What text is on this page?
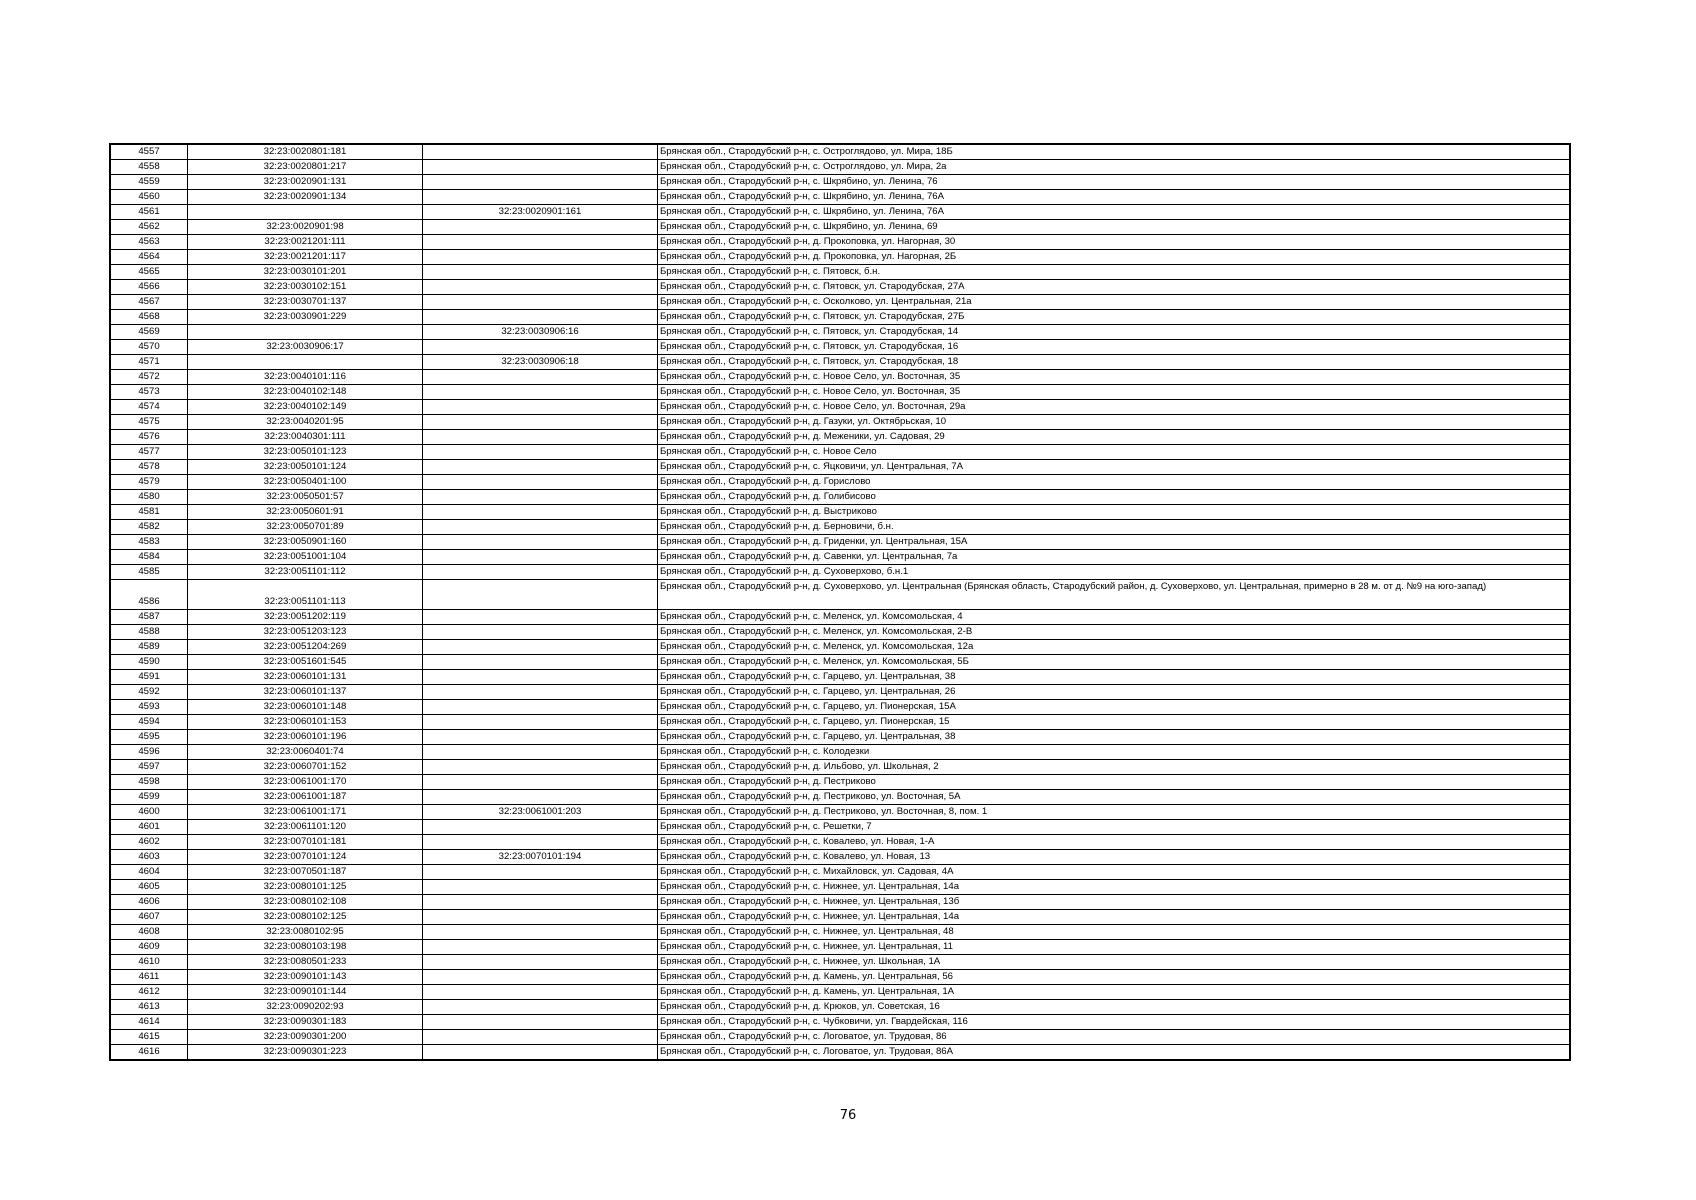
4557	32:23:0020801:181		Брянская обл., Стародубский р-н, с. Остроглядово, ул. Мира, 18Б
4558	32:23:0020801:217		Брянская обл., Стародубский р-н, с. Остроглядово, ул. Мира, 2а
4559	32:23:0020901:131		Брянская обл., Стародубский р-н, с. Шкрябино, ул. Ленина, 76
4560	32:23:0020901:134		Брянская обл., Стародубский р-н, с. Шкрябино, ул. Ленина, 76А
4561		32:23:0020901:161	Брянская обл., Стародубский р-н, с. Шкрябино, ул. Ленина, 76А
4562	32:23:0020901:98		Брянская обл., Стародубский р-н, с. Шкрябино, ул. Ленина, 69
4563	32:23:0021201:111		Брянская обл., Стародубский р-н, д. Прокоповка, ул. Нагорная, 30
4564	32:23:0021201:117		Брянская обл., Стародубский р-н, д. Прокоповка, ул. Нагорная, 2Б
4565	32:23:0030101:201		Брянская обл., Стародубский р-н, с. Пятовск, б.н.
4566	32:23:0030102:151		Брянская обл., Стародубский р-н, с. Пятовск, ул. Стародубская, 27А
4567	32:23:0030701:137		Брянская обл., Стародубский р-н, с. Осколково, ул. Центральная, 21а
4568	32:23:0030901:229		Брянская обл., Стародубский р-н, с. Пятовск, ул. Стародубская, 27Б
4569		32:23:0030906:16	Брянская обл., Стародубский р-н, с. Пятовск, ул. Стародубская, 14
4570	32:23:0030906:17		Брянская обл., Стародубский р-н, с. Пятовск, ул. Стародубская, 16
4571		32:23:0030906:18	Брянская обл., Стародубский р-н, с. Пятовск, ул. Стародубская, 18
4572	32:23:0040101:116		Брянская обл., Стародубский р-н, с. Новое Село, ул. Восточная, 35
4573	32:23:0040102:148		Брянская обл., Стародубский р-н, с. Новое Село, ул. Восточная, 35
4574	32:23:0040102:149		Брянская обл., Стародубский р-н, с. Новое Село, ул. Восточная, 29а
4575	32:23:0040201:95		Брянская обл., Стародубский р-н, д. Газуки, ул. Октябрьская, 10
4576	32:23:0040301:111		Брянская обл., Стародубский р-н, д. Меженики, ул. Садовая, 29
4577	32:23:0050101:123		Брянская обл., Стародубский р-н, с. Новое Село
4578	32:23:0050101:124		Брянская обл., Стародубский р-н, с. Яцковичи, ул. Центральная, 7А
4579	32:23:0050401:100		Брянская обл., Стародубский р-н, д. Горислово
4580	32:23:0050501:57		Брянская обл., Стародубский р-н, д. Голибисово
4581	32:23:0050601:91		Брянская обл., Стародубский р-н, д. Выстриково
4582	32:23:0050701:89		Брянская обл., Стародубский р-н, д. Берновичи, б.н.
4583	32:23:0050901:160		Брянская обл., Стародубский р-н, д. Гриденки, ул. Центральная, 15А
4584	32:23:0051001:104		Брянская обл., Стародубский р-н, д. Савенки, ул. Центральная, 7а
4585	32:23:0051101:112		Брянская обл., Стародубский р-н, д. Суховерхово, б.н.1
4586	32:23:0051101:113		Брянская обл., Стародубский р-н, д. Суховерхово, ул. Центральная (Брянская область, Стародубский район, д. Суховерхово, ул. Центральная, примерно в 28 м. от д. №9 на юго-запад)
4587	32:23:0051202:119		Брянская обл., Стародубский р-н, с. Меленск, ул. Комсомольская, 4
4588	32:23:0051203:123		Брянская обл., Стародубский р-н, с. Меленск, ул. Комсомольская, 2-В
4589	32:23:0051204:269		Брянская обл., Стародубский р-н, с. Меленск, ул. Комсомольская, 12а
4590	32:23:0051601:545		Брянская обл., Стародубский р-н, с. Меленск, ул. Комсомольская, 5Б
4591	32:23:0060101:131		Брянская обл., Стародубский р-н, с. Гарцево, ул. Центральная, 38
4592	32:23:0060101:137		Брянская обл., Стародубский р-н, с. Гарцево, ул. Центральная, 26
4593	32:23:0060101:148		Брянская обл., Стародубский р-н, с. Гарцево, ул. Пионерская, 15А
4594	32:23:0060101:153		Брянская обл., Стародубский р-н, с. Гарцево, ул. Пионерская, 15
4595	32:23:0060101:196		Брянская обл., Стародубский р-н, с. Гарцево, ул. Центральная, 38
4596	32:23:0060401:74		Брянская обл., Стародубский р-н, с. Колодезки
4597	32:23:0060701:152		Брянская обл., Стародубский р-н, д. Ильбово, ул. Школьная, 2
4598	32:23:0061001:170		Брянская обл., Стародубский р-н, д. Пестриково
4599	32:23:0061001:187		Брянская обл., Стародубский р-н, д. Пестриково, ул. Восточная, 5А
4600	32:23:0061001:171	32:23:0061001:203	Брянская обл., Стародубский р-н, д. Пестриково, ул. Восточная, 8, пом. 1
4601	32:23:0061101:120		Брянская обл., Стародубский р-н, с. Решетки, 7
4602	32:23:0070101:181		Брянская обл., Стародубский р-н, с. Ковалево, ул. Новая, 1-А
4603	32:23:0070101:124	32:23:0070101:194	Брянская обл., Стародубский р-н, с. Ковалево, ул. Новая, 13
4604	32:23:0070501:187		Брянская обл., Стародубский р-н, с. Михайловск, ул. Садовая, 4А
4605	32:23:0080101:125		Брянская обл., Стародубский р-н, с. Нижнее, ул. Центральная, 14а
4606	32:23:0080102:108		Брянская обл., Стародубский р-н, с. Нижнее, ул. Центральная, 13б
4607	32:23:0080102:125		Брянская обл., Стародубский р-н, с. Нижнее, ул. Центральная, 14а
4608	32:23:0080102:95		Брянская обл., Стародубский р-н, с. Нижнее, ул. Центральная, 48
4609	32:23:0080103:198		Брянская обл., Стародубский р-н, с. Нижнее, ул. Центральная, 11
4610	32:23:0080501:233		Брянская обл., Стародубский р-н, с. Нижнее, ул. Школьная, 1А
4611	32:23:0090101:143		Брянская обл., Стародубский р-н, д. Камень, ул. Центральная, 56
4612	32:23:0090101:144		Брянская обл., Стародубский р-н, д. Камень, ул. Центральная, 1А
4613	32:23:0090202:93		Брянская обл., Стародубский р-н, д. Крюков, ул. Советская, 16
4614	32:23:0090301:183		Брянская обл., Стародубский р-н, с. Чубковичи, ул. Гвардейская, 116
4615	32:23:0090301:200		Брянская обл., Стародубский р-н, с. Логоватое, ул. Трудовая, 86
4616	32:23:0090301:223		Брянская обл., Стародубский р-н, с. Логоватое, ул. Трудовая, 86А
76
